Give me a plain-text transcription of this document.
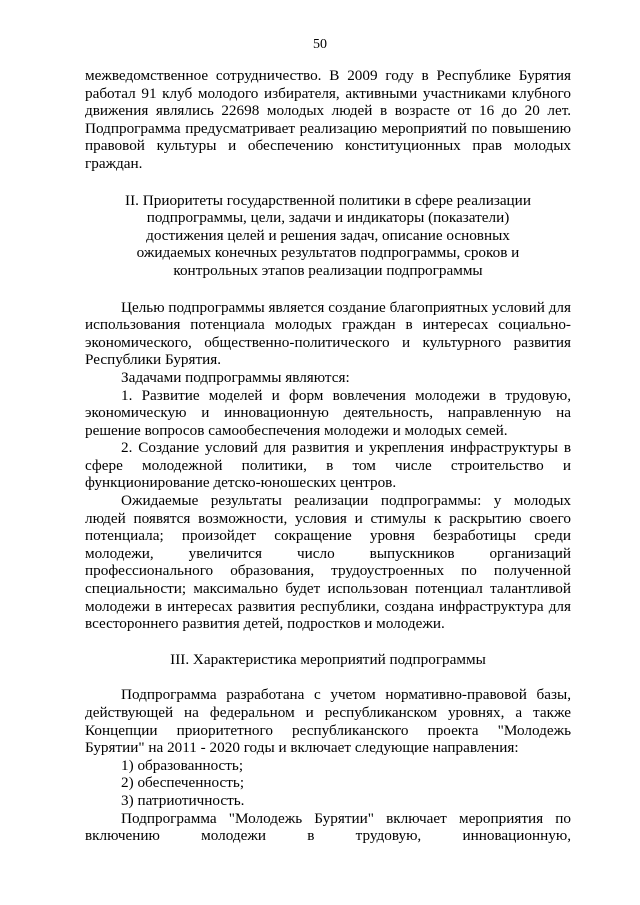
50

межведомственное сотрудничество. В 2009 году в Республике Бурятия работал 91 клуб молодого избирателя, активными участниками клубного движения являлись 22698 молодых людей в возрасте от 16 до 20 лет. Подпрограмма предусматривает реализацию мероприятий по повышению правовой культуры и обеспечению конституционных прав молодых граждан.

II. Приоритеты государственной политики в сфере реализации подпрограммы, цели, задачи и индикаторы (показатели) достижения целей и решения задач, описание основных ожидаемых конечных результатов подпрограммы, сроков и контрольных этапов реализации подпрограммы

Целью подпрограммы является создание благоприятных условий для использования потенциала молодых граждан в интересах социально-экономического, общественно-политического и культурного развития Республики Бурятия.

Задачами подпрограммы являются:

1. Развитие моделей и форм вовлечения молодежи в трудовую, экономическую и инновационную деятельность, направленную на решение вопросов самообеспечения молодежи и молодых семей.

2. Создание условий для развития и укрепления инфраструктуры в сфере молодежной политики, в том числе строительство и функционирование детско-юношеских центров.

Ожидаемые результаты реализации подпрограммы: у молодых людей появятся возможности, условия и стимулы к раскрытию своего потенциала; произойдет сокращение уровня безработицы среди молодежи, увеличится число выпускников организаций профессионального образования, трудоустроенных по полученной специальности; максимально будет использован потенциал талантливой молодежи в интересах развития республики, создана инфраструктура для всестороннего развития детей, подростков и молодежи.

III. Характеристика мероприятий подпрограммы

Подпрограмма разработана с учетом нормативно-правовой базы, действующей на федеральном и республиканском уровнях, а также Концепции приоритетного республиканского проекта "Молодежь Бурятии" на 2011 - 2020 годы и включает следующие направления:

1) образованность;

2) обеспеченность;

3) патриотичность.

Подпрограмма "Молодежь Бурятии" включает мероприятия по включению молодежи в трудовую, инновационную,
